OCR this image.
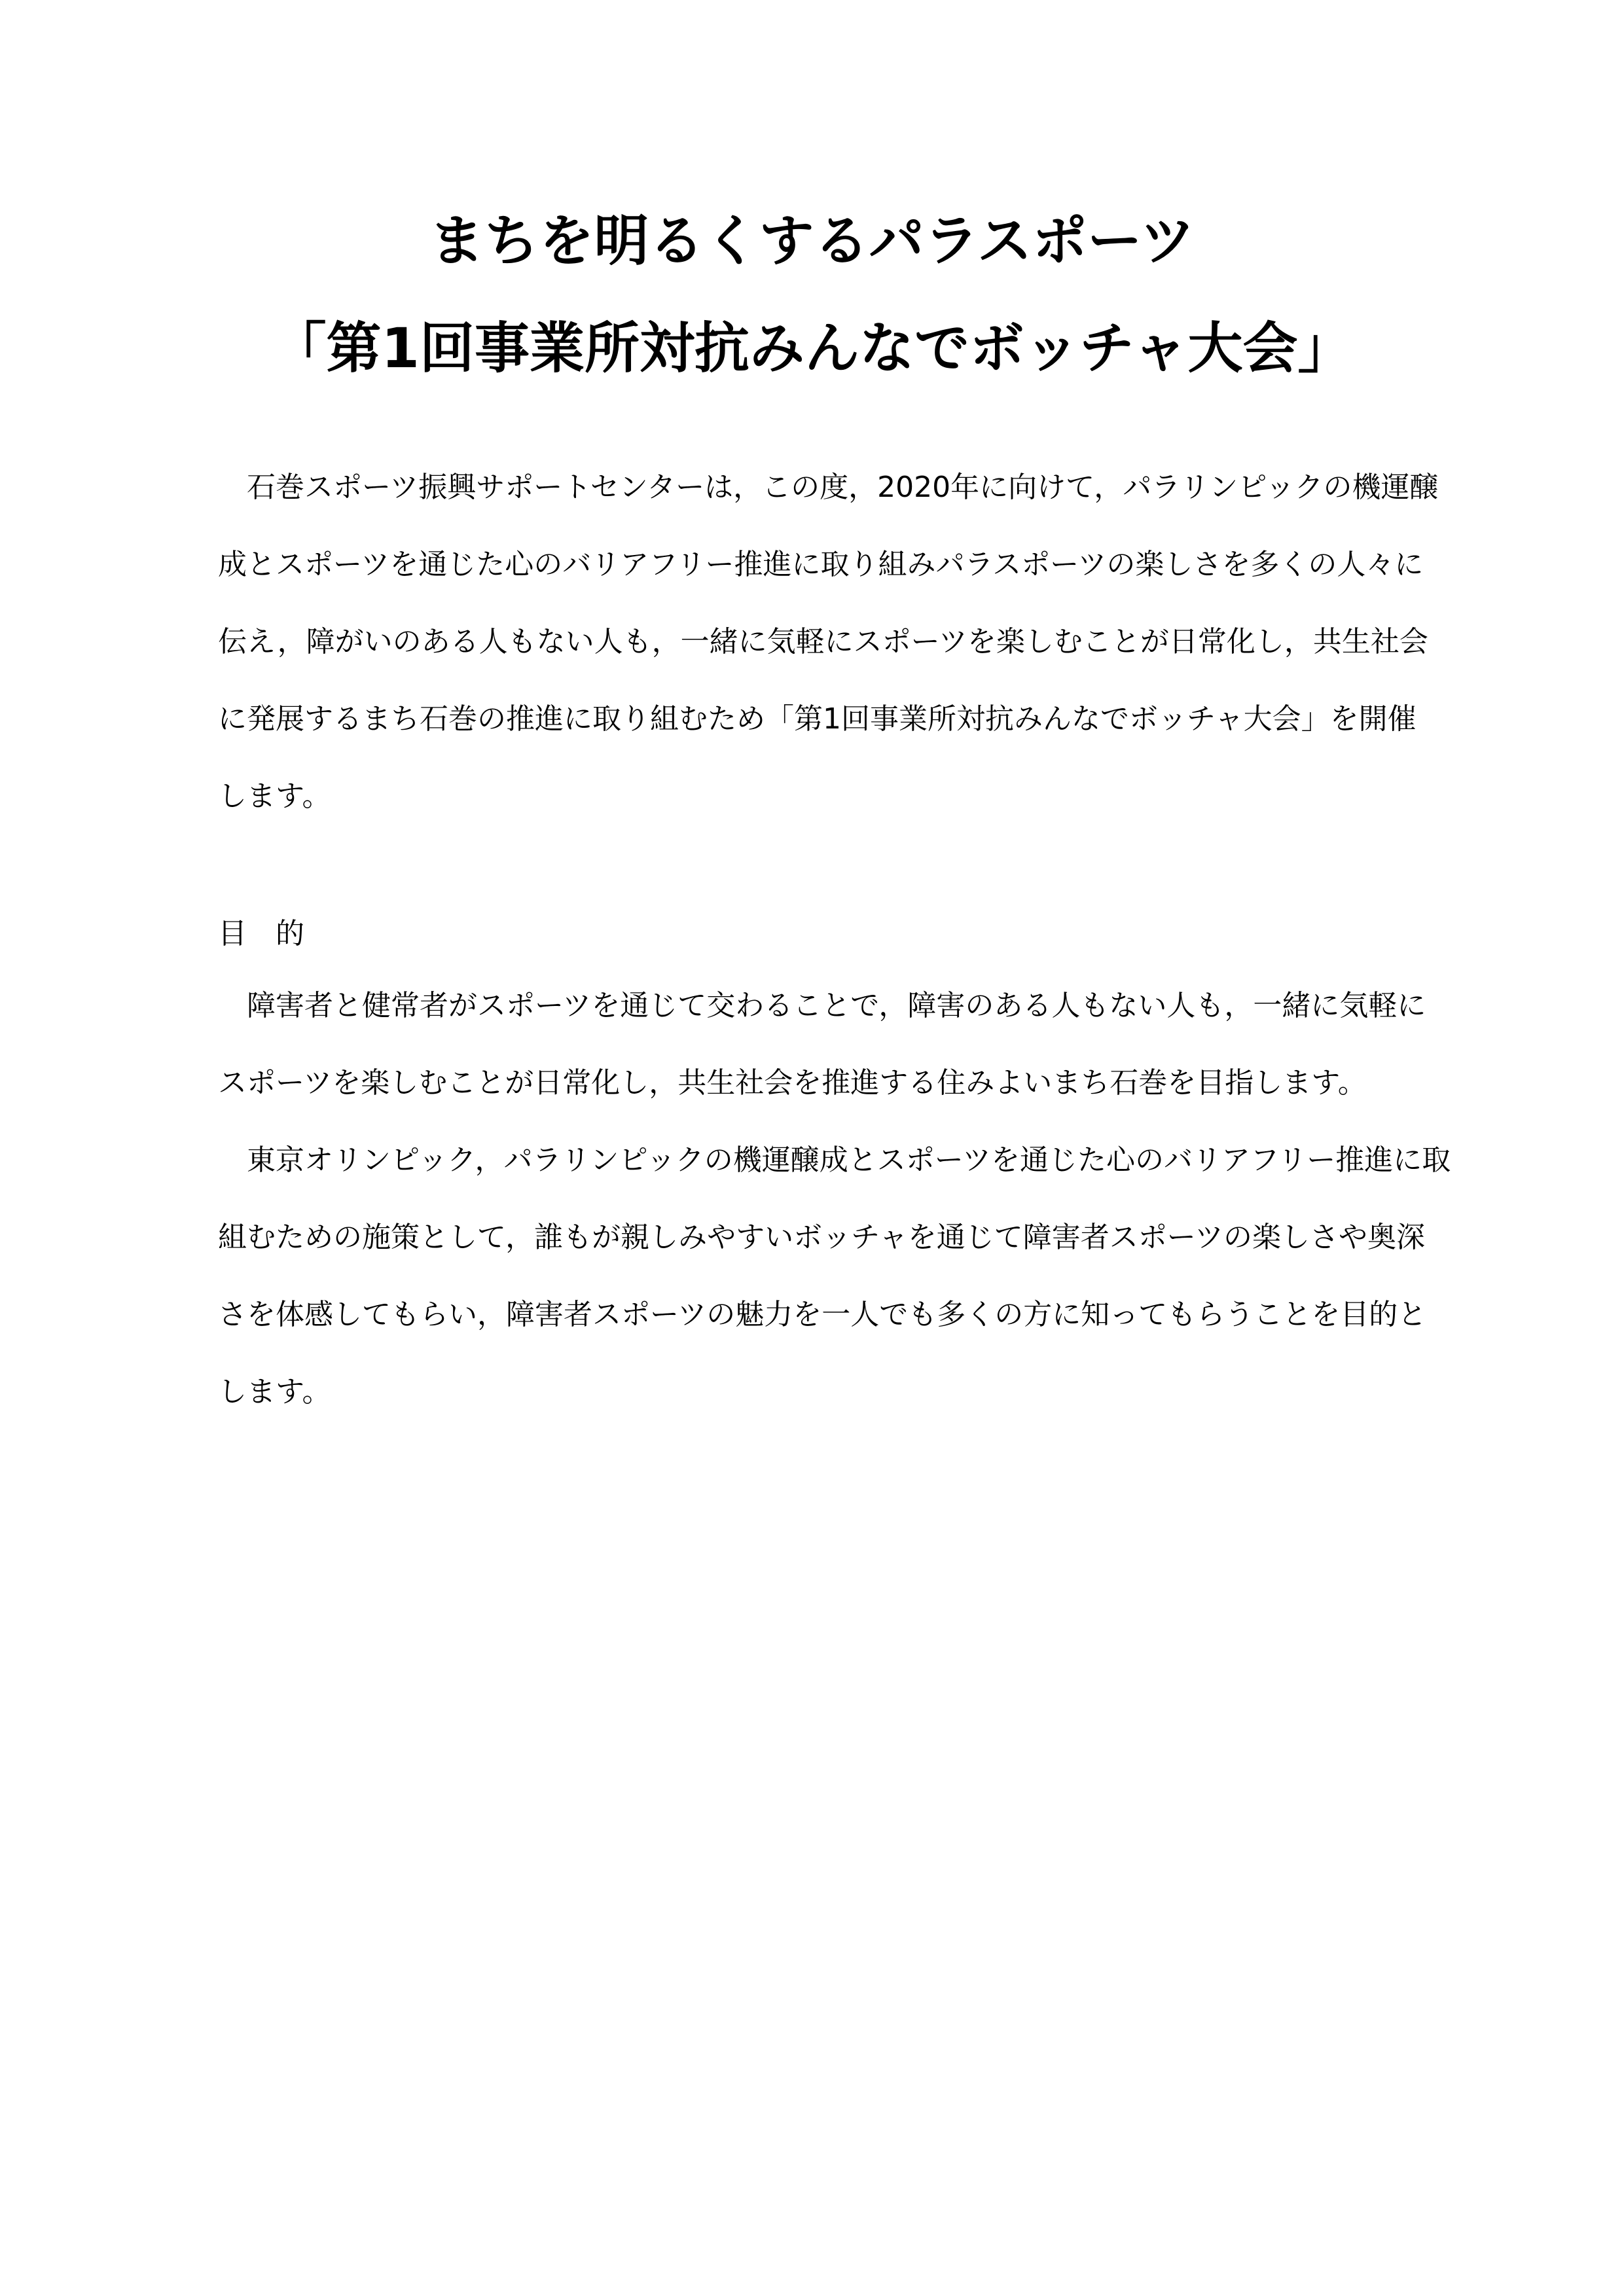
まちを明るくするパラスポーツ
「第1回事業所対抗みんなでボッチャ大会」
石巻スポーツ振興サポートセンターは，この度，2020年に向けて，パラリンピックの機運醸
成とスポーツを通じた心のバリアフリー推進に取り組みパラスポーツの楽しさを多くの人々に
伝え，障がいのある人もない人も，一緒に気軽にスポーツを楽しむことが日常化し，共生社会
に発展するまち石巻の推進に取り組むため「第1回事業所対抗みんなでボッチャ大会」を開催
します。
目　的
障害者と健常者がスポーツを通じて交わることで，障害のある人もない人も，一緒に気軽に
スポーツを楽しむことが日常化し，共生社会を推進する住みよいまち石巻を目指します。
東京オリンピック，パラリンピックの機運醸成とスポーツを通じた心のバリアフリー推進に取
組むための施策として，誰もが親しみやすいボッチャを通じて障害者スポーツの楽しさや奥深
さを体感してもらい，障害者スポーツの魅力を一人でも多くの方に知ってもらうことを目的と
します。
